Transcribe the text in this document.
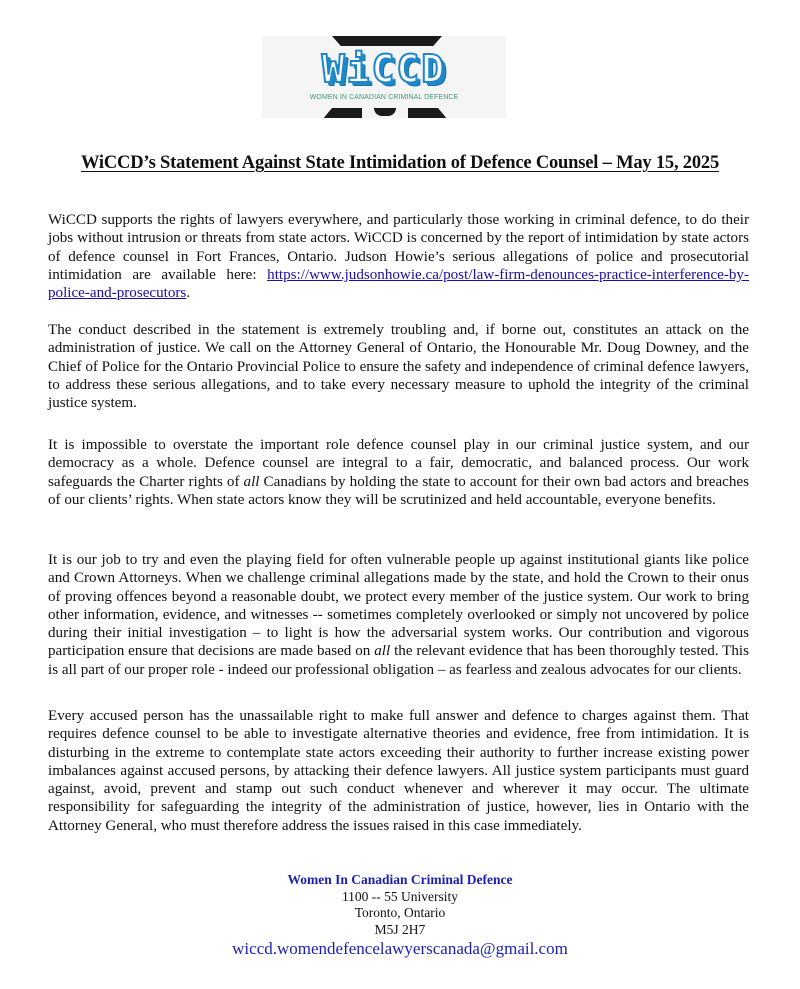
WiCCD
WOMEN IN CANADIAN CRIMINAL DEFENCE
WiCCD’s Statement Against State Intimidation of Defence Counsel – May 15, 2025

WiCCD supports the rights of lawyers everywhere, and particularly those working in criminal defence, to do their jobs without intrusion or threats from state actors. WiCCD is concerned by the report of intimidation by state actors of defence counsel in Fort Frances, Ontario. Judson Howie’s serious allegations of police and prosecutorial intimidation are available here: https://www.judsonhowie.ca/post/law-firm-denounces-practice-interference-by-police-and-prosecutors.

The conduct described in the statement is extremely troubling and, if borne out, constitutes an attack on the administration of justice. We call on the Attorney General of Ontario, the Honourable Mr. Doug Downey, and the Chief of Police for the Ontario Provincial Police to ensure the safety and independence of criminal defence lawyers, to address these serious allegations, and to take every necessary measure to uphold the integrity of the criminal justice system.

It is impossible to overstate the important role defence counsel play in our criminal justice system, and our democracy as a whole. Defence counsel are integral to a fair, democratic, and balanced process. Our work safeguards the Charter rights of all Canadians by holding the state to account for their own bad actors and breaches of our clients’ rights. When state actors know they will be scrutinized and held accountable, everyone benefits.

It is our job to try and even the playing field for often vulnerable people up against institutional giants like police and Crown Attorneys. When we challenge criminal allegations made by the state, and hold the Crown to their onus of proving offences beyond a reasonable doubt, we protect every member of the justice system. Our work to bring other information, evidence, and witnesses -- sometimes completely overlooked or simply not uncovered by police during their initial investigation – to light is how the adversarial system works. Our contribution and vigorous participation ensure that decisions are made based on all the relevant evidence that has been thoroughly tested. This is all part of our proper role - indeed our professional obligation – as fearless and zealous advocates for our clients.

Every accused person has the unassailable right to make full answer and defence to charges against them. That requires defence counsel to be able to investigate alternative theories and evidence, free from intimidation. It is disturbing in the extreme to contemplate state actors exceeding their authority to further increase existing power imbalances against accused persons, by attacking their defence lawyers. All justice system participants must guard against, avoid, prevent and stamp out such conduct whenever and wherever it may occur. The ultimate responsibility for safeguarding the integrity of the administration of justice, however, lies in Ontario with the Attorney General, who must therefore address the issues raised in this case immediately.

Women In Canadian Criminal Defence
1100 -- 55 University
Toronto, Ontario
M5J 2H7
wiccd.womendefencelawyerscanada@gmail.com
